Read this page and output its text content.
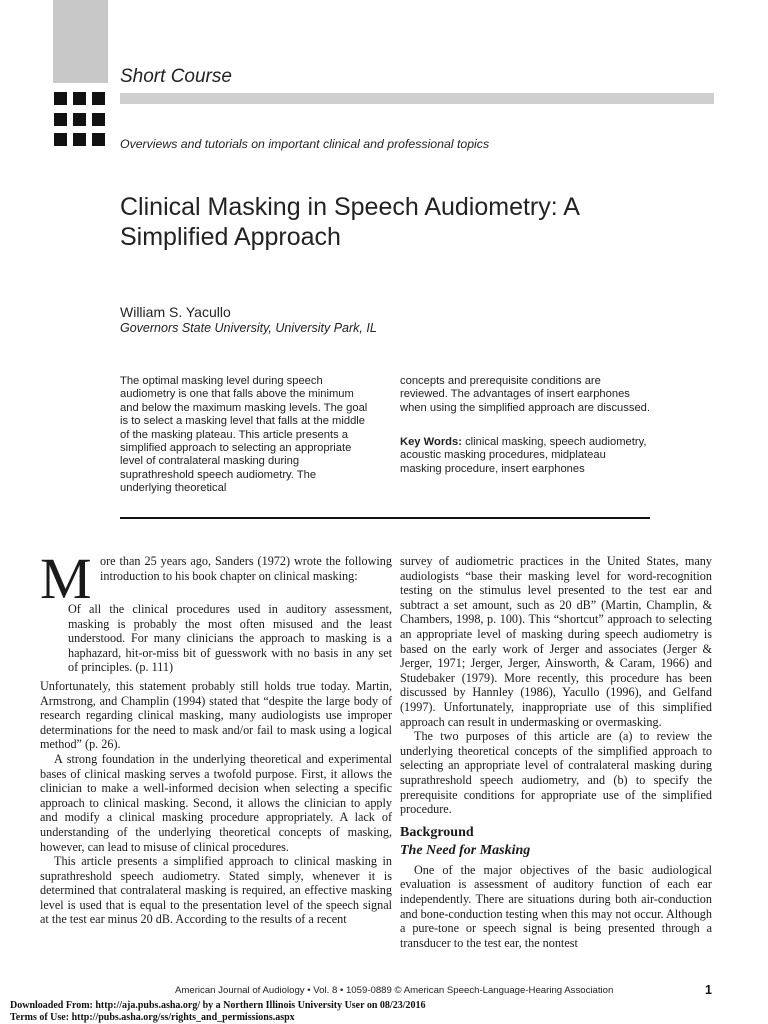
Short Course
Overviews and tutorials on important clinical and professional topics
Clinical Masking in Speech Audiometry: A Simplified Approach
William S. Yacullo
Governors State University, University Park, IL
The optimal masking level during speech audiometry is one that falls above the minimum and below the maximum masking levels. The goal is to select a masking level that falls at the middle of the masking plateau. This article presents a simplified approach to selecting an appropriate level of contralateral masking during suprathreshold speech audiometry. The underlying theoretical
concepts and prerequisite conditions are reviewed. The advantages of insert earphones when using the simplified approach are discussed.
Key Words: clinical masking, speech audiometry, acoustic masking procedures, midplateau masking procedure, insert earphones

M ore than 25 years ago, Sanders (1972) wrote the following introduction to his book chapter on clinical masking:

Of all the clinical procedures used in auditory assessment, masking is probably the most often misused and the least understood. For many clinicians the approach to masking is a haphazard, hit-or-miss bit of guesswork with no basis in any set of principles. (p. 111)

Unfortunately, this statement probably still holds true today. Martin, Armstrong, and Champlin (1994) stated that “despite the large body of research regarding clinical masking, many audiologists use improper determinations for the need to mask and/or fail to mask using a logical method” (p. 26).

A strong foundation in the underlying theoretical and experimental bases of clinical masking serves a twofold purpose. First, it allows the clinician to make a well-informed decision when selecting a specific approach to clinical masking. Second, it allows the clinician to apply and modify a clinical masking procedure appropriately. A lack of understanding of the underlying theoretical concepts of masking, however, can lead to misuse of clinical procedures.

This article presents a simplified approach to clinical masking in suprathreshold speech audiometry. Stated simply, whenever it is determined that contralateral masking is required, an effective masking level is used that is equal to the presentation level of the speech signal at the test ear minus 20 dB. According to the results of a recent

survey of audiometric practices in the United States, many audiologists “base their masking level for word-recognition testing on the stimulus level presented to the test ear and subtract a set amount, such as 20 dB” (Martin, Champlin, & Chambers, 1998, p. 100). This “shortcut” approach to selecting an appropriate level of masking during speech audiometry is based on the early work of Jerger and associates (Jerger & Jerger, 1971; Jerger, Jerger, Ainsworth, & Caram, 1966) and Studebaker (1979). More recently, this procedure has been discussed by Hannley (1986), Yacullo (1996), and Gelfand (1997). Unfortunately, inappropriate use of this simplified approach can result in undermasking or overmasking.

The two purposes of this article are (a) to review the underlying theoretical concepts of the simplified approach to selecting an appropriate level of contralateral masking during suprathreshold speech audiometry, and (b) to specify the prerequisite conditions for appropriate use of the simplified procedure.

Background

The Need for Masking

One of the major objectives of the basic audiological evaluation is assessment of auditory function of each ear independently. There are situations during both air-conduction and bone-conduction testing when this may not occur. Although a pure-tone or speech signal is being presented through a transducer to the test ear, the nontest

American Journal of Audiology • Vol. 8 • 1059-0889 © American Speech-Language-Hearing Association	1
Downloaded From: http://aja.pubs.asha.org/ by a Northern Illinois University User on 08/23/2016
Terms of Use: http://pubs.asha.org/ss/rights_and_permissions.aspx
